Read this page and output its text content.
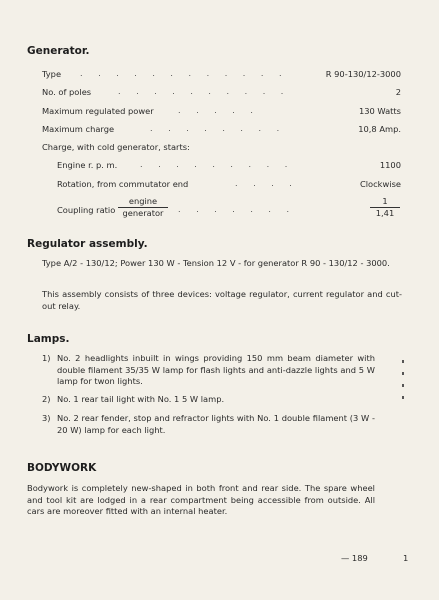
Generator.
Type . . . . . . . . . . . .	R 90-130/12-3000
No. of poles	. . . . . . . . . .	2
Maximum regulated power	. . . . .	130 Watts
Maximum charge	. . . . . . . .	10,8 Amp.
Charge, with cold generator, starts:
Engine r. p. m.	. . . . . . . . .	1100
Rotation, from commutator end	. . . .	Clockwise
Coupling ratio
engine
generator	. . . . . . .	$\frac{1}{1,41}$
Regulator assembly.
Type A/2 - 130/12; Power 130 W - Tension 12 V - for generator R 90 - 130/12 - 3000.
This assembly consists of three devices: voltage regulator, current regulator and cut-out relay.
Lamps.
1) No. 2 headlights inbuilt in wings providing 150 mm beam diameter with double filament 35/35 W lamp for flash lights and anti-dazzle lights and 5 W lamp for twon lights.
2) No. 1 rear tail light with No. 1 5 W lamp.
3) No. 2 rear fender, stop and refractor lights with No. 1 double filament (3 W - 20 W) lamp for each light.
BODYWORK
Bodywork is completely new-shaped in both front and rear side. The spare wheel and tool kit are lodged in a rear compartment being accessible from outside. All cars are moreover fitted with an internal heater.
— 189	1
